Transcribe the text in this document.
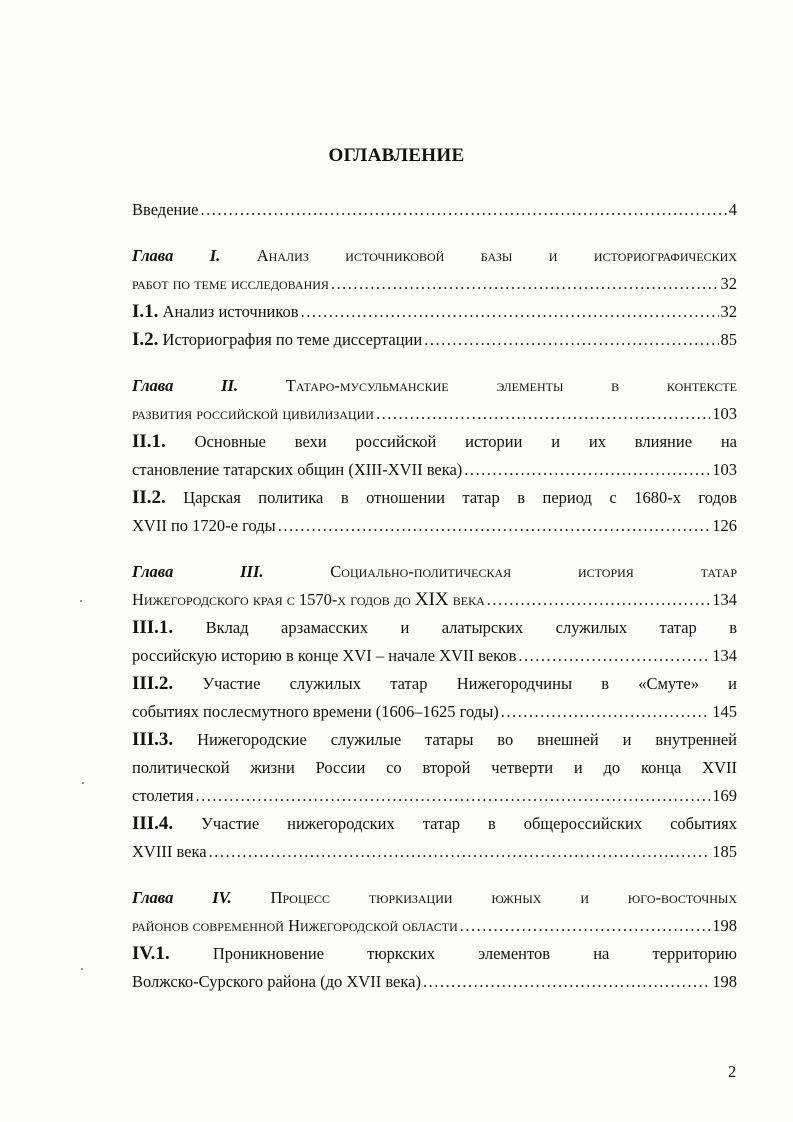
ОГЛАВЛЕНИЕ
Введение .....	4
Глава I. Анализ источниковой базы и историографических
работ по теме исследования .....	32
I.1. Анализ источников .....	32
I.2. Историография по теме диссертации .....	85
Глава II.	Татаро-мусульманские элементы в контексте
развития российской цивилизации .....	103
II.1. Основные вехи российской истории и их влияние на
становление татарских общин (XIII-XVII века) .....	103
II.2. Царская политика в отношении татар в период с 1680-х годов
XVII по 1720-е годы .....	126
Глава III.	Социально-политическая история татар
Нижегородского края с 1570-х годов до XIX века .....	134
III.1. Вклад арзамасских и алатырских служилых татар в
российскую историю в конце XVI – начале XVII веков .....	134
III.2. Участие служилых татар Нижегородчины в «Смуте» и
событиях послесмутного времени (1606–1625 годы) .....	145
III.3. Нижегородские служилые татары во внешней и внутренней
политической жизни России со второй четверти и до конца XVII
столетия .....	169
III.4. Участие нижегородских татар в общероссийских событиях
XVIII века .....	185
Глава IV. Процесс тюркизации южных и юго-восточных
районов современной Нижегородской области .....	198
IV.1.	Проникновение тюркских элементов на территорию
Волжско-Сурского района (до XVII века) .....	198
2
